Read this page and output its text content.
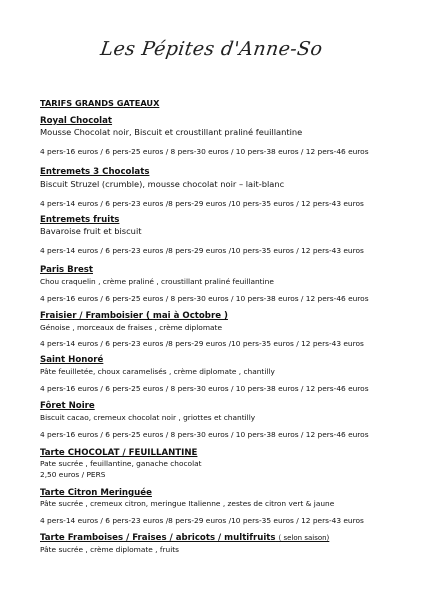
Les Pépites d'Anne-So
TARIFS GRANDS GATEAUX
Royal Chocolat
Mousse Chocolat noir, Biscuit et croustillant praliné feuillantine
4 pers-16 euros / 6 pers-25 euros / 8 pers-30 euros / 10 pers-38 euros / 12 pers-46 euros
Entremets 3 Chocolats
Biscuit Struzel (crumble), mousse chocolat noir – lait-blanc
4 pers-14 euros / 6 pers-23 euros /8 pers-29 euros /10 pers-35 euros / 12 pers-43 euros
Entremets fruits
Bavaroise fruit et biscuit
4 pers-14 euros / 6 pers-23 euros /8 pers-29 euros /10 pers-35 euros / 12 pers-43 euros
Paris Brest
Chou craquelin , crème praliné , croustillant praliné feuillantine
4 pers-16 euros / 6 pers-25 euros / 8 pers-30 euros / 10 pers-38 euros / 12 pers-46 euros
Fraisier / Framboisier ( mai à Octobre )
Génoise , morceaux de fraises , crème diplomate
4 pers-14 euros / 6 pers-23 euros /8 pers-29 euros /10 pers-35 euros / 12 pers-43 euros
Saint Honoré
Pâte feuilletée, choux caramelisés , crème diplomate , chantilly
4 pers-16 euros / 6 pers-25 euros / 8 pers-30 euros / 10 pers-38 euros / 12 pers-46 euros
Fôret Noire
Biscuit cacao, cremeux chocolat noir , griottes et chantilly
4 pers-16 euros / 6 pers-25 euros / 8 pers-30 euros / 10 pers-38 euros / 12 pers-46 euros
Tarte CHOCOLAT / FEUILLANTINE
Pate sucrée , feuillantine, ganache chocolat
2,50 euros / PERS
Tarte Citron Meringuée
Pâte sucrée , cremeux citron, meringue Italienne , zestes de citron vert & jaune
4 pers-14 euros / 6 pers-23 euros /8 pers-29 euros /10 pers-35 euros / 12 pers-43 euros
Tarte Framboises / Fraises / abricots / multifruits ( selon saison)
Pâte sucrée , crème diplomate , fruits
